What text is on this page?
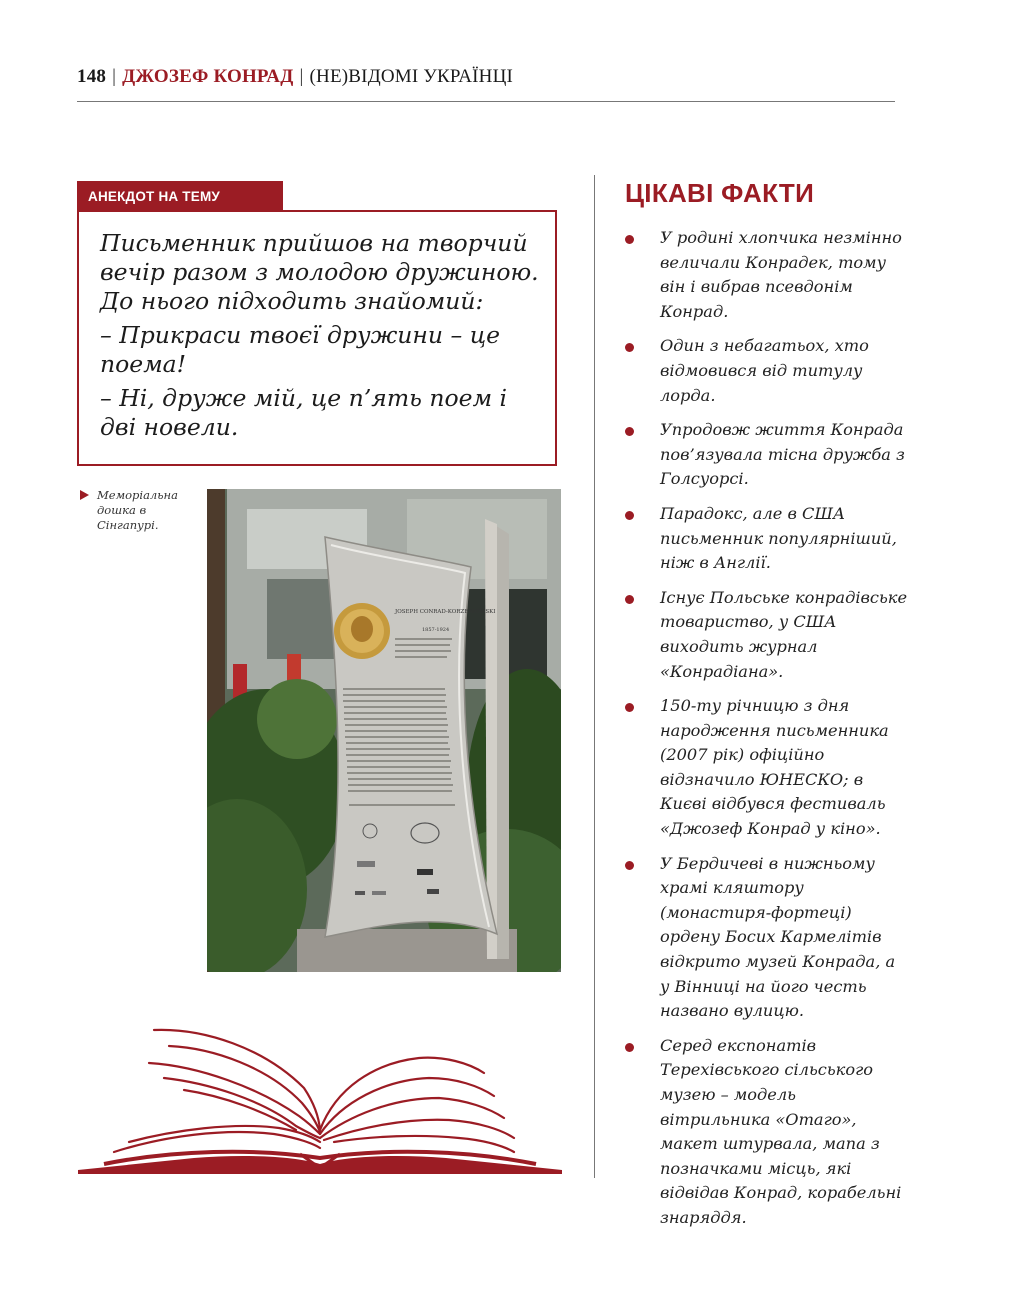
148 | ДЖОЗЕФ КОНРАД | (НЕ)ВІДОМІ УКРАЇНЦІ
АНЕКДОТ НА ТЕМУ

Письменник прийшов на творчий вечір разом з молодою дружиною. До нього підходить знайомий:

– Прикраси твоєї дружини – це поема!

– Ні, друже мій, це п’ять поем і дві новели.

Меморіальна дошка в Сінгапурі.
JOSEPH CONRAD-KORZENIOWSKI
1857-1924
ЦІКАВІ ФАКТИ
У родині хлопчика незмінно величали Конрадек, тому він і вибрав псевдонім Конрад.
Один з небагатьох, хто відмовився від титулу лорда.
Упродовж життя Конрада пов’язувала тісна дружба з Голсуорсі.
Парадокс, але в США письменник популярніший, ніж в Англії.
Існує Польське конрадівське товариство, у США виходить журнал «Конрадіана».
150-ту річницю з дня народження письменника (2007 рік) офіційно відзначило ЮНЕСКО; в Києві відбувся фестиваль «Джозеф Конрад у кіно».
У Бердичеві в нижньому храмі кляштору (монастиря-фортеці) ордену Босих Кармелітів відкрито музей Конрада, а у Вінниці на його честь названо вулицю.
Серед експонатів Терехівського сільського музею – модель вітрильника «Отаго», макет штурвала, мапа з позначками місць, які відвідав Конрад, корабельні знаряддя.
